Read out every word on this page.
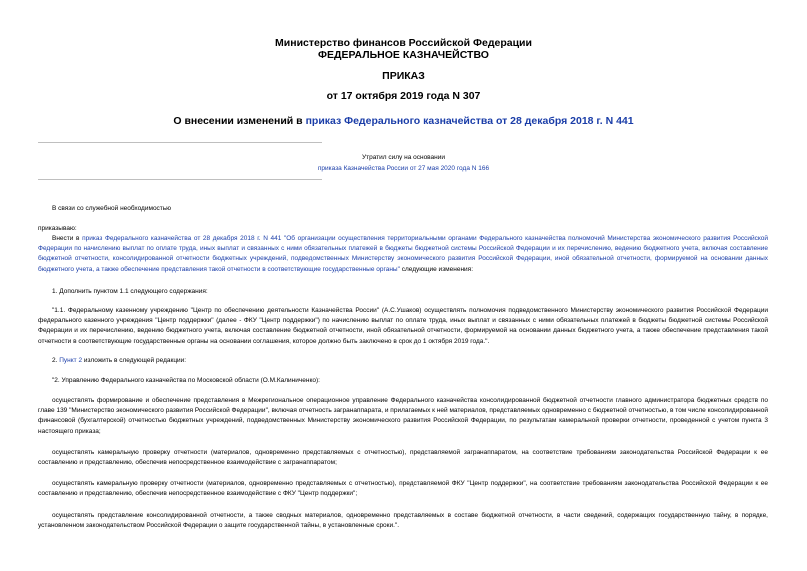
Министерство финансов Российской Федерации
ФЕДЕРАЛЬНОЕ КАЗНАЧЕЙСТВО
ПРИКАЗ
от 17 октября 2019 года N 307
О внесении изменений в приказ Федерального казначейства от 28 декабря 2018 г. N 441
Утратил силу на основании
приказа Казначейства России от 27 мая 2020 года N 166
В связи со служебной необходимостью
приказываю:
Внести в приказ Федерального казначейства от 28 декабря 2018 г. N 441 "Об организации осуществления территориальными органами Федерального казначейства полномочий Министерства экономического развития Российской Федерации по начислению выплат по оплате труда, иных выплат и связанных с ними обязательных платежей в бюджеты бюджетной системы Российской Федерации и их перечислению, ведению бюджетного учета, включая составление бюджетной отчетности, консолидированной отчетности бюджетных учреждений, подведомственных Министерству экономического развития Российской Федерации, иной обязательной отчетности, формируемой на основании данных бюджетного учета, а также обеспечение представления такой отчетности в соответствующие государственные органы" следующие изменения:
1. Дополнить пунктом 1.1 следующего содержания:
"1.1. Федеральному казенному учреждению "Центр по обеспечению деятельности Казначейства России" (А.С.Ушаков) осуществлять полномочия подведомственного Министерству экономического развития Российской Федерации федерального казенного учреждения "Центр поддержки" (далее - ФКУ "Центр поддержки") по начислению выплат по оплате труда, иных выплат и связанных с ними обязательных платежей в бюджеты бюджетной системы Российской Федерации и их перечислению, ведению бюджетного учета, включая составление бюджетной отчетности, иной обязательной отчетности, формируемой на основании данных бюджетного учета, а также обеспечение представления такой отчетности в соответствующие государственные органы на основании соглашения, которое должно быть заключено в срок до 1 октября 2019 года.".
2. Пункт 2 изложить в следующей редакции:
"2. Управлению Федерального казначейства по Московской области (О.М.Калиниченко):
осуществлять формирование и обеспечение представления в Межрегиональное операционное управление Федерального казначейства консолидированной бюджетной отчетности главного администратора бюджетных средств по главе 139 "Министерство экономического развития Российской Федерации", включая отчетность загранаппарата, и прилагаемых к ней материалов, представляемых одновременно с бюджетной отчетностью, в том числе консолидированной финансовой (бухгалтерской) отчетностью бюджетных учреждений, подведомственных Министерству экономического развития Российской Федерации, по результатам камеральной проверки отчетности, проведенной с учетом пункта 3 настоящего приказа;
осуществлять камеральную проверку отчетности (материалов, одновременно представляемых с отчетностью), представляемой загранаппаратом, на соответствие требованиям законодательства Российской Федерации к ее составлению и представлению, обеспечив непосредственное взаимодействие с загранаппаратом;
осуществлять камеральную проверку отчетности (материалов, одновременно представляемых с отчетностью), представляемой ФКУ "Центр поддержки", на соответствие требованиям законодательства Российской Федерации к ее составлению и представлению, обеспечив непосредственное взаимодействие с ФКУ "Центр поддержки";
осуществлять представление консолидированной отчетности, а также сводных материалов, одновременно представляемых в составе бюджетной отчетности, в части сведений, содержащих государственную тайну, в порядке, установленном законодательством Российской Федерации о защите государственной тайны, в установленные сроки.".
